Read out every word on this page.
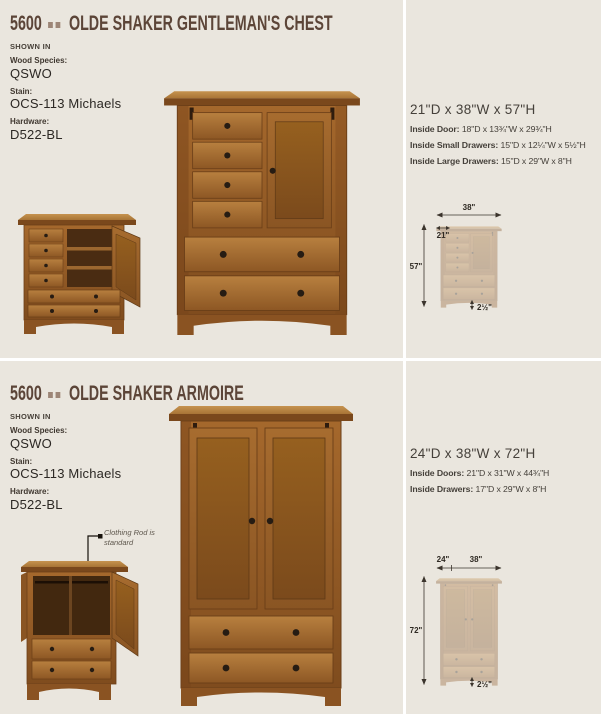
5600 OLDE SHAKER GENTLEMAN'S CHEST
SHOWN IN
Wood Species:
QSWO
Stain:
OCS-113 Michaels
Hardware:
D522-BL
21"D x 38"W x 57"H
Inside Door: 18"D x 13¾"W x 29¾"H
Inside Small Drawers: 15"D x 12¼"W x 5½"H
Inside Large Drawers: 15"D x 29"W x 8"H
38"
21"
57"
2½"
5600 OLDE SHAKER ARMOIRE
SHOWN IN
Wood Species:
QSWO
Stain:
OCS-113 Michaels
Hardware:
D522-BL
Clothing Rod is standard
24"D x 38"W x 72"H
Inside Doors: 21"D x 31"W x 44¾"H
Inside Drawers: 17"D x 29"W x 8"H
24"	38"
72"
2½"
